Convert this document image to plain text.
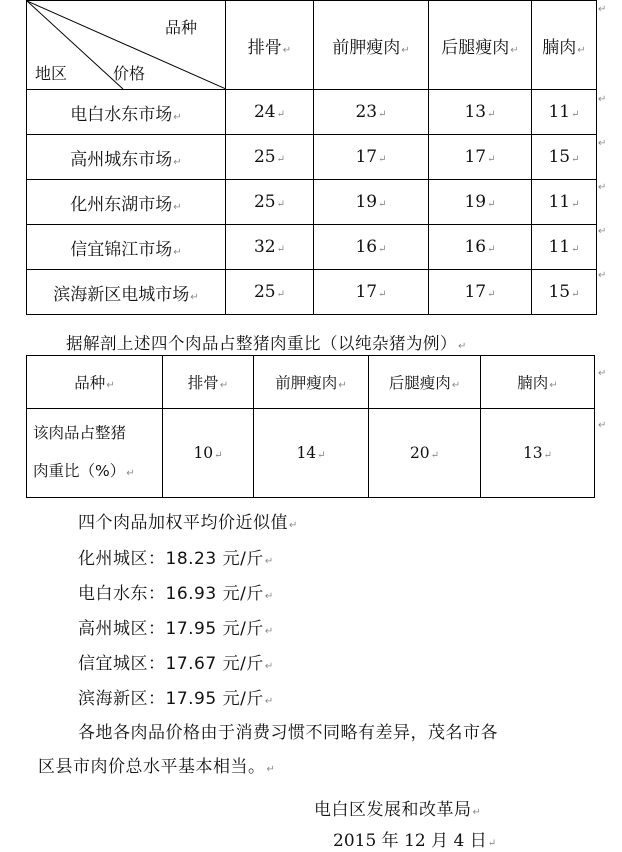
品种
价格
地区	排骨↵	前胛瘦肉↵	后腿瘦肉↵	腩肉↵
电白水东市场↵	24↵	23↵	13↵	11↵
高州城东市场↵	25↵	17↵	17↵	15↵
化州东湖市场↵	25↵	19↵	19↵	11↵
信宜锦江市场↵	32↵	16↵	16↵	11↵
滨海新区电城市场↵	25↵	17↵	17↵	15↵
↵
↵
↵
↵
↵
↵
据解剖上述四个肉品占整猪肉重比（以纯杂猪为例）↵
品种↵	排骨↵	前胛瘦肉↵	后腿瘦肉↵	腩肉↵

该肉品占整猪
肉重比（%）↵	10↵	14↵	20↵	13↵
↵
↵
四个肉品加权平均价近似值↵
化州城区：18.23 元/斤↵
电白水东：16.93 元/斤↵
高州城区：17.95 元/斤↵
信宜城区：17.67 元/斤↵
滨海新区：17.95 元/斤↵
各地各肉品价格由于消费习惯不同略有差异，茂名市各
区县市肉价总水平基本相当。↵
电白区发展和改革局↵
2015 年 12 月 4 日↵
